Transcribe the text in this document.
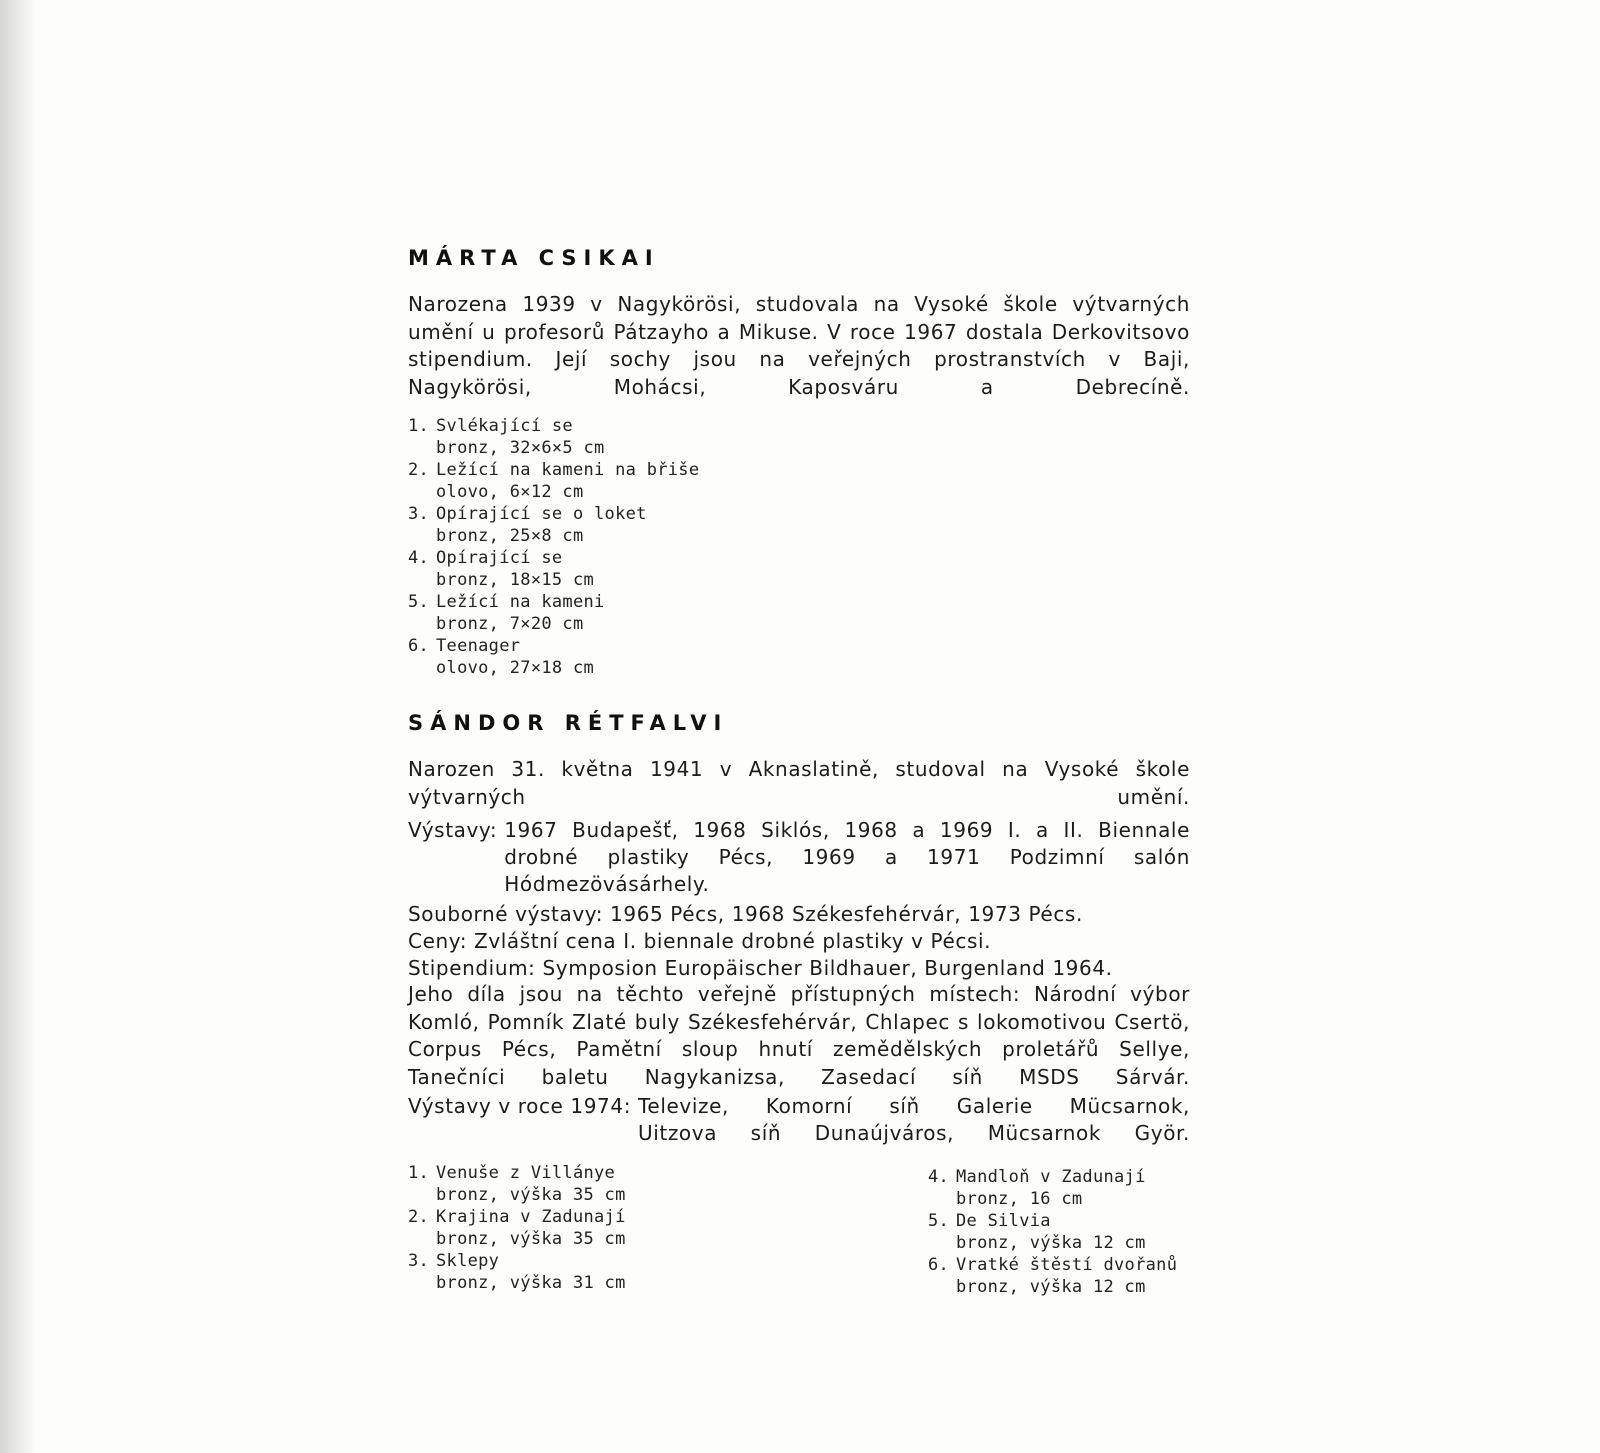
MÁRTA CSIKAI

Narozena 1939 v Nagykörösi, studovala na Vysoké škole výtvarných umění u profesorů Pátzayho a Mikuse. V roce 1967 dostala Derkovitsovo stipendium. Její sochy jsou na veřejných prostranstvích v Baji, Nagykörösi, Mohácsi, Kaposváru a Debrecíně.

1. Svlékající se
bronz, 32×6×5 cm
2. Ležící na kameni na břiše
olovo, 6×12 cm
3. Opírající se o loket
bronz, 25×8 cm
4. Opírající se
bronz, 18×15 cm
5. Ležící na kameni
bronz, 7×20 cm
6. Teenager
olovo, 27×18 cm
SÁNDOR RÉTFALVI

Narozen 31. května 1941 v Aknaslatině, studoval na Vysoké škole výtvarných umění.

Výstavy: 1967 Budapešť, 1968 Siklós, 1968 a 1969 I. a II. Biennale drobné plastiky Pécs, 1969 a 1971 Podzimní salón Hódmezövásárhely.
Souborné výstavy: 1965 Pécs, 1968 Székesfehérvár, 1973 Pécs.
Ceny: Zvláštní cena I. biennale drobné plastiky v Pécsi.
Stipendium: Symposion Europäischer Bildhauer, Burgenland 1964.

Jeho díla jsou na těchto veřejně přístupných místech: Národní výbor Komló, Pomník Zlaté buly Székesfehérvár, Chlapec s lokomotivou Csertö, Corpus Pécs, Pamětní sloup hnutí zemědělských proletářů Sellye, Tanečníci baletu Nagykanizsa, Zasedací síň MSDS Sárvár.

Výstavy v roce 1974: Televize, Komorní síň Galerie Mücsarnok,
Uitzova síň Dunaújváros, Mücsarnok Györ.
1. Venuše z Villánye
bronz, výška 35 cm
2. Krajina v Zadunají
bronz, výška 35 cm
3. Sklepy
bronz, výška 31 cm
4. Mandloň v Zadunají
bronz, 16 cm
5. De Silvia
bronz, výška 12 cm
6. Vratké štěstí dvořanů
bronz, výška 12 cm
